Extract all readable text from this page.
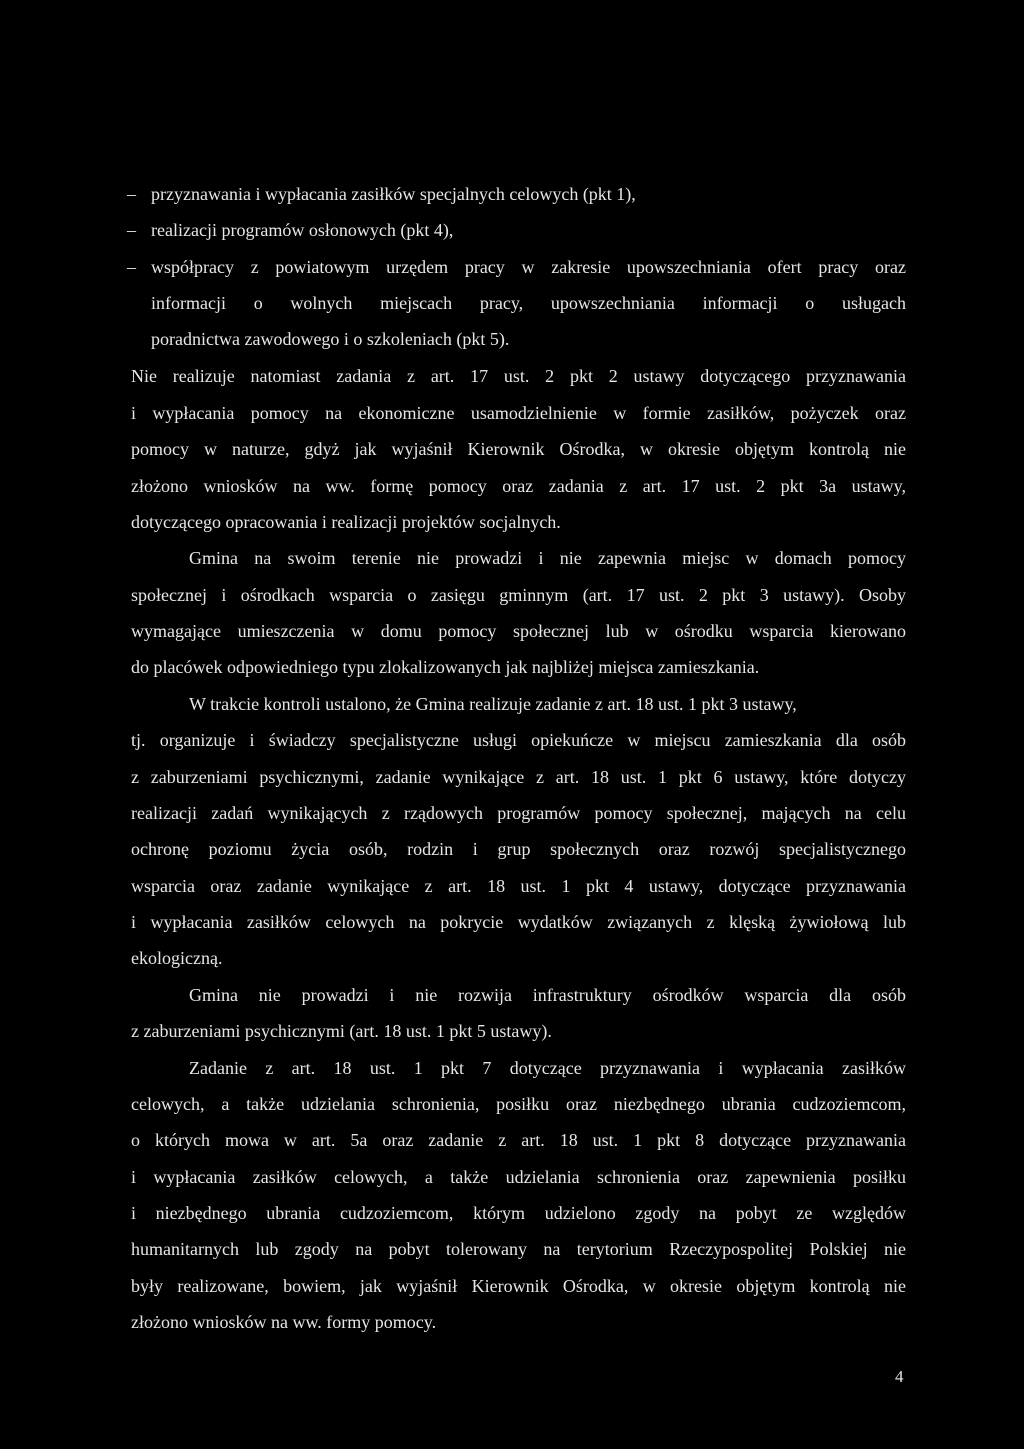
– przyznawania i wypłacania zasiłków specjalnych celowych (pkt 1),
– realizacji programów osłonowych (pkt 4),
– współpracy z powiatowym urzędem pracy w zakresie upowszechniania ofert pracy oraz
informacji o wolnych miejscach pracy, upowszechniania informacji o usługach
poradnictwa zawodowego i o szkoleniach (pkt 5).
Nie realizuje natomiast zadania z art. 17 ust. 2 pkt 2 ustawy dotyczącego przyznawania
i wypłacania pomocy na ekonomiczne usamodzielnienie w formie zasiłków, pożyczek oraz
pomocy w naturze, gdyż jak wyjaśnił Kierownik Ośrodka, w okresie objętym kontrolą nie
złożono wniosków na ww. formę pomocy oraz zadania z art. 17 ust. 2 pkt 3a ustawy,
dotyczącego opracowania i realizacji projektów socjalnych.
Gmina na swoim terenie nie prowadzi i nie zapewnia miejsc w domach pomocy
społecznej i ośrodkach wsparcia o zasięgu gminnym (art. 17 ust. 2 pkt 3 ustawy). Osoby
wymagające umieszczenia w domu pomocy społecznej lub w ośrodku wsparcia kierowano
do placówek odpowiedniego typu zlokalizowanych jak najbliżej miejsca zamieszkania.
W trakcie kontroli ustalono, że Gmina realizuje zadanie z art. 18 ust. 1 pkt 3 ustawy,
tj. organizuje i świadczy specjalistyczne usługi opiekuńcze w miejscu zamieszkania dla osób
z zaburzeniami psychicznymi, zadanie wynikające z art. 18 ust. 1 pkt 6 ustawy, które dotyczy
realizacji zadań wynikających z rządowych programów pomocy społecznej, mających na celu
ochronę poziomu życia osób, rodzin i grup społecznych oraz rozwój specjalistycznego
wsparcia oraz zadanie wynikające z art. 18 ust. 1 pkt 4 ustawy, dotyczące przyznawania
i wypłacania zasiłków celowych na pokrycie wydatków związanych z klęską żywiołową lub
ekologiczną.
Gmina nie prowadzi i nie rozwija infrastruktury ośrodków wsparcia dla osób
z zaburzeniami psychicznymi (art. 18 ust. 1 pkt 5 ustawy).
Zadanie z art. 18 ust. 1 pkt 7 dotyczące przyznawania i wypłacania zasiłków
celowych, a także udzielania schronienia, posiłku oraz niezbędnego ubrania cudzoziemcom,
o których mowa w art. 5a oraz zadanie z art. 18 ust. 1 pkt 8 dotyczące przyznawania
i wypłacania zasiłków celowych, a także udzielania schronienia oraz zapewnienia posiłku
i niezbędnego ubrania cudzoziemcom, którym udzielono zgody na pobyt ze względów
humanitarnych lub zgody na pobyt tolerowany na terytorium Rzeczypospolitej Polskiej nie
były realizowane, bowiem, jak wyjaśnił Kierownik Ośrodka, w okresie objętym kontrolą nie
złożono wniosków na ww. formy pomocy.
4
